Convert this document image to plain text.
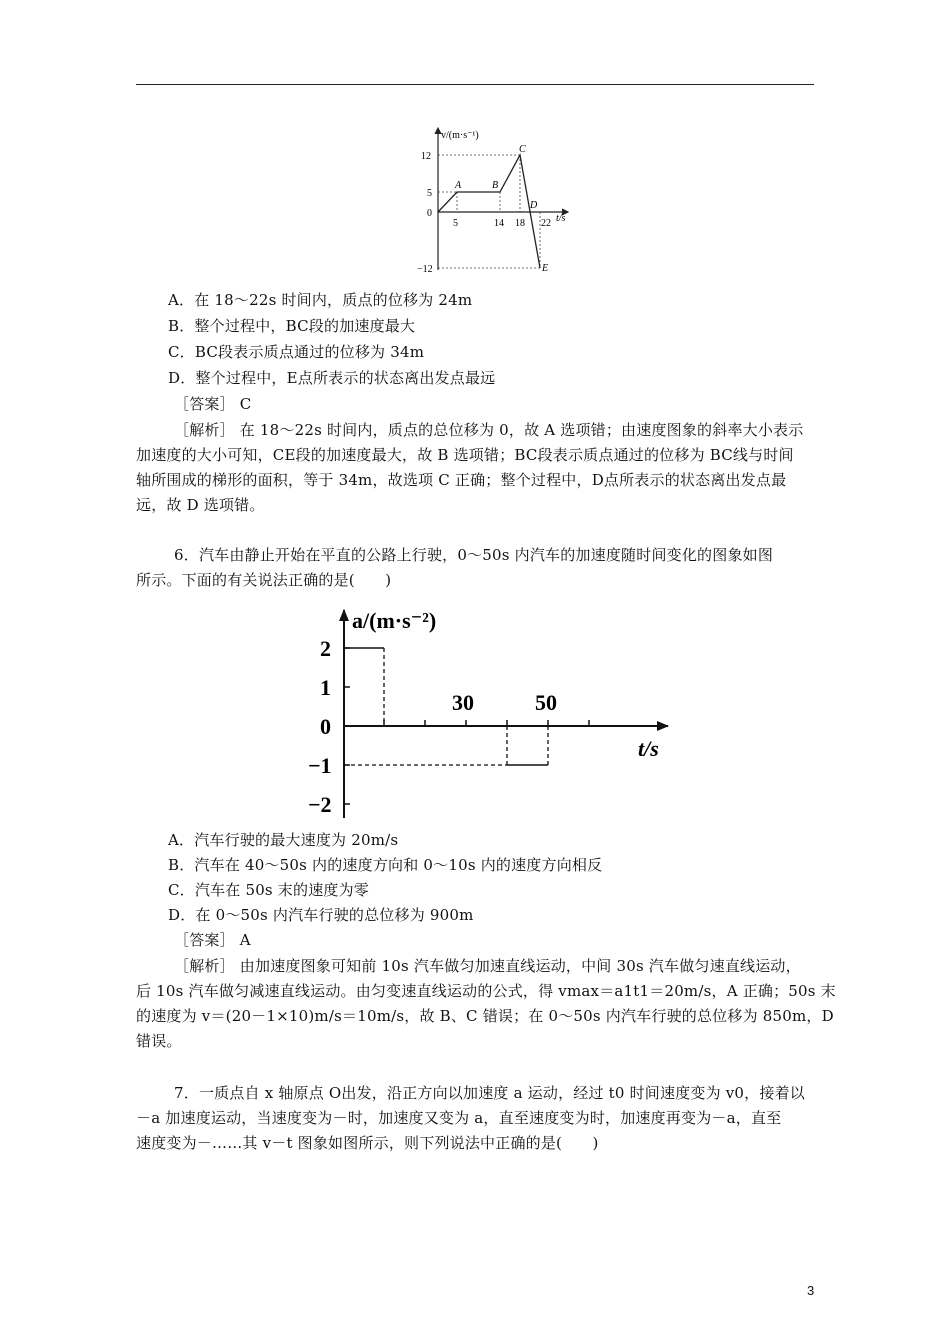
v/(m·s⁻¹)
t/s
12
5
0
−12
5	14 18 22
A	B
C
D
E
A．在 18～22s 时间内，质点的位移为 24m
B．整个过程中，BC段的加速度最大
C．BC段表示质点通过的位移为 34m
D．整个过程中，E点所表示的状态离出发点最远
［答案］ C
［解析］ 在 18～22s 时间内，质点的总位移为 0，故 A 选项错；由速度图象的斜率大小表示
加速度的大小可知，CE段的加速度最大，故 B 选项错；BC段表示质点通过的位移为 BC线与时间
轴所围成的梯形的面积，等于 34m，故选项 C 正确；整个过程中，D点所表示的状态离出发点最
远，故 D 选项错。
6．汽车由静止开始在平直的公路上行驶，0～50s 内汽车的加速度随时间变化的图象如图
所示。下面的有关说法正确的是(　　)
a/(m·s⁻²)
t/s
2
1
0
−1
−2
30	50
A．汽车行驶的最大速度为 20m/s
B．汽车在 40～50s 内的速度方向和 0～10s 内的速度方向相反
C．汽车在 50s 末的速度为零
D．在 0～50s 内汽车行驶的总位移为 900m
［答案］ A
［解析］ 由加速度图象可知前 10s 汽车做匀加速直线运动，中间 30s 汽车做匀速直线运动，
后 10s 汽车做匀减速直线运动。由匀变速直线运动的公式，得 vmax＝a1t1＝20m/s，A 正确；50s 末
的速度为 v＝(20－1×10)m/s＝10m/s，故 B、C 错误；在 0～50s 内汽车行驶的总位移为 850m，D
错误。
7．一质点自 x 轴原点 O出发，沿正方向以加速度 a 运动，经过 t0 时间速度变为 v0，接着以
－a 加速度运动，当速度变为－时，加速度又变为 a，直至速度变为时，加速度再变为－a，直至
速度变为－……其 v－t 图象如图所示，则下列说法中正确的是(　　)
3
